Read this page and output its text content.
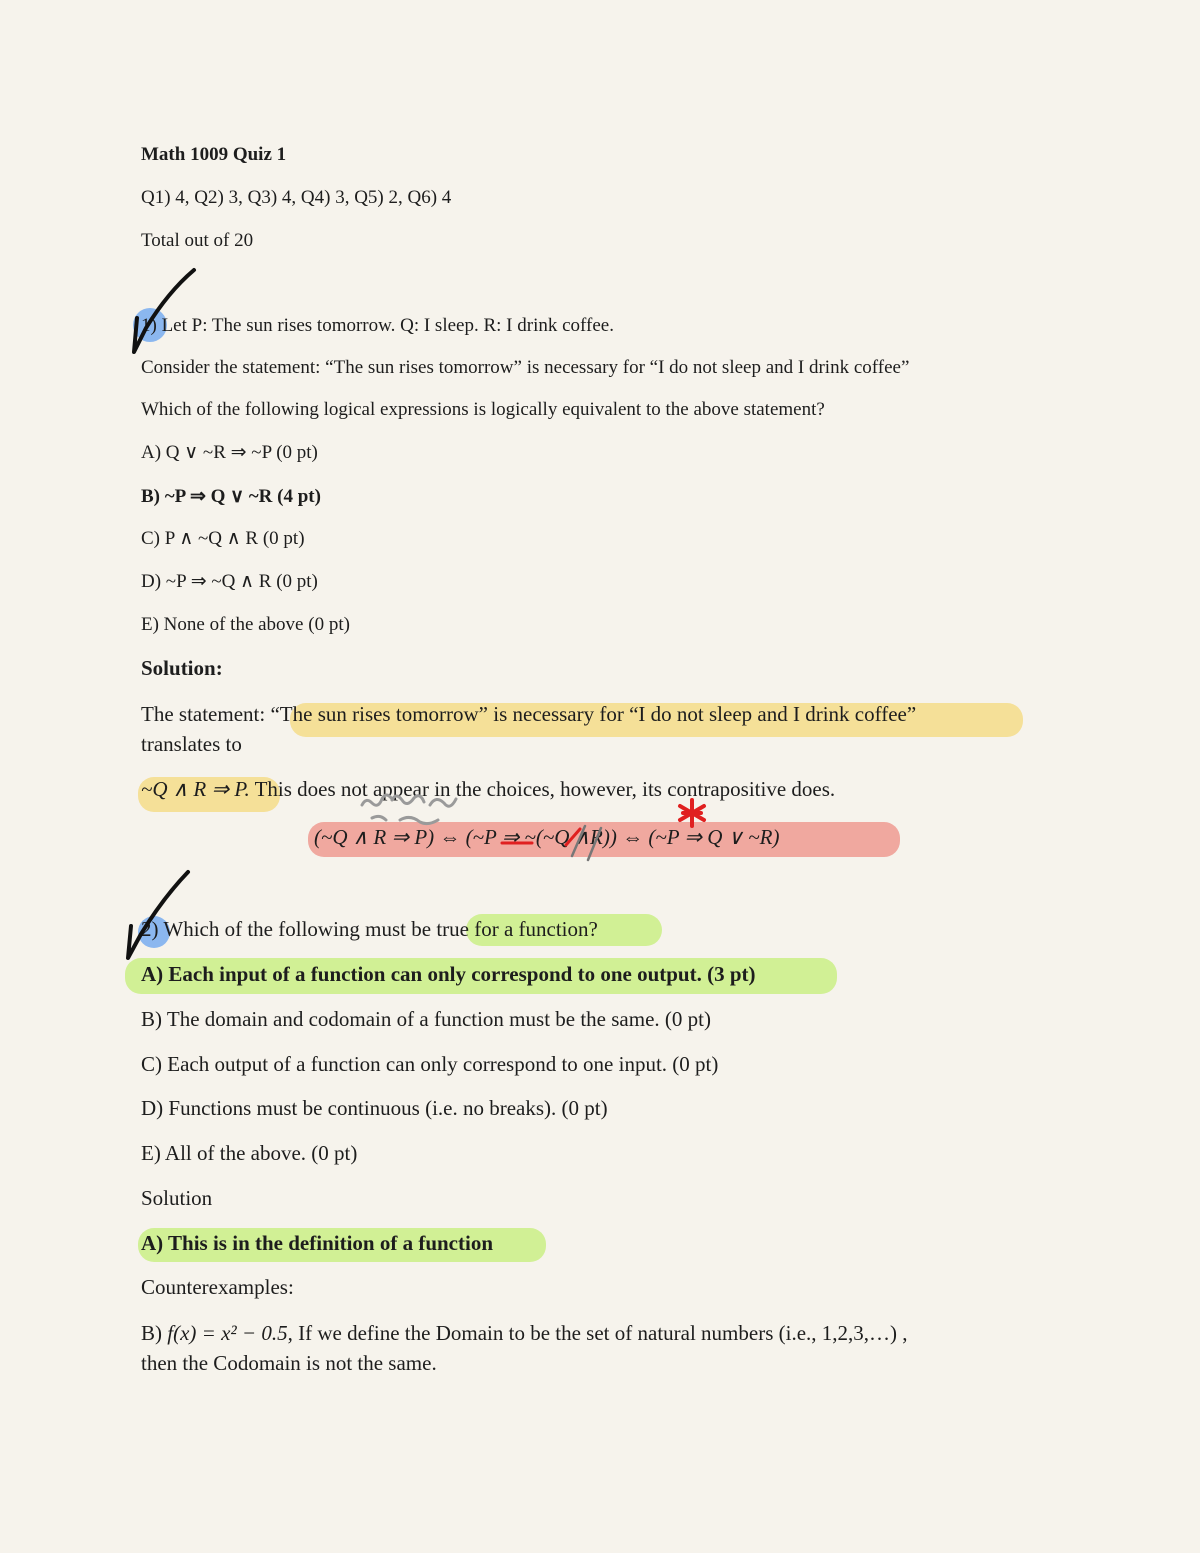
Math 1009 Quiz 1
Q1) 4, Q2) 3, Q3) 4, Q4) 3, Q5) 2, Q6) 4
Total out of 20
1) Let P: The sun rises tomorrow. Q: I sleep. R: I drink coffee.
Consider the statement: “The sun rises tomorrow” is necessary for “I do not sleep and I drink coffee”
Which of the following logical expressions is logically equivalent to the above statement?
A) Q ∨ ~R ⇒ ~P (0 pt)
B) ~P ⇒ Q ∨ ~R (4 pt)
C) P ∧ ~Q ∧ R (0 pt)
D) ~P ⇒ ~Q ∧ R (0 pt)
E) None of the above (0 pt)
Solution:
The statement: “The sun rises tomorrow” is necessary for “I do not sleep and I drink coffee”
translates to
~Q ∧ R ⇒ P. This does not appear in the choices, however, its contrapositive does.
(~Q ∧ R ⇒ P) ⇔ (~P ⇒ ~(~Q ∧R)) ⇔ (~P ⇒ Q ∨ ~R)
2) Which of the following must be true for a function?
A) Each input of a function can only correspond to one output. (3 pt)
B) The domain and codomain of a function must be the same. (0 pt)
C) Each output of a function can only correspond to one input. (0 pt)
D) Functions must be continuous (i.e. no breaks). (0 pt)
E) All of the above. (0 pt)
Solution
A) This is in the definition of a function
Counterexamples:
B) f(x) = x² − 0.5, If we define the Domain to be the set of natural numbers (i.e., 1,2,3,…) ,
then the Codomain is not the same.
